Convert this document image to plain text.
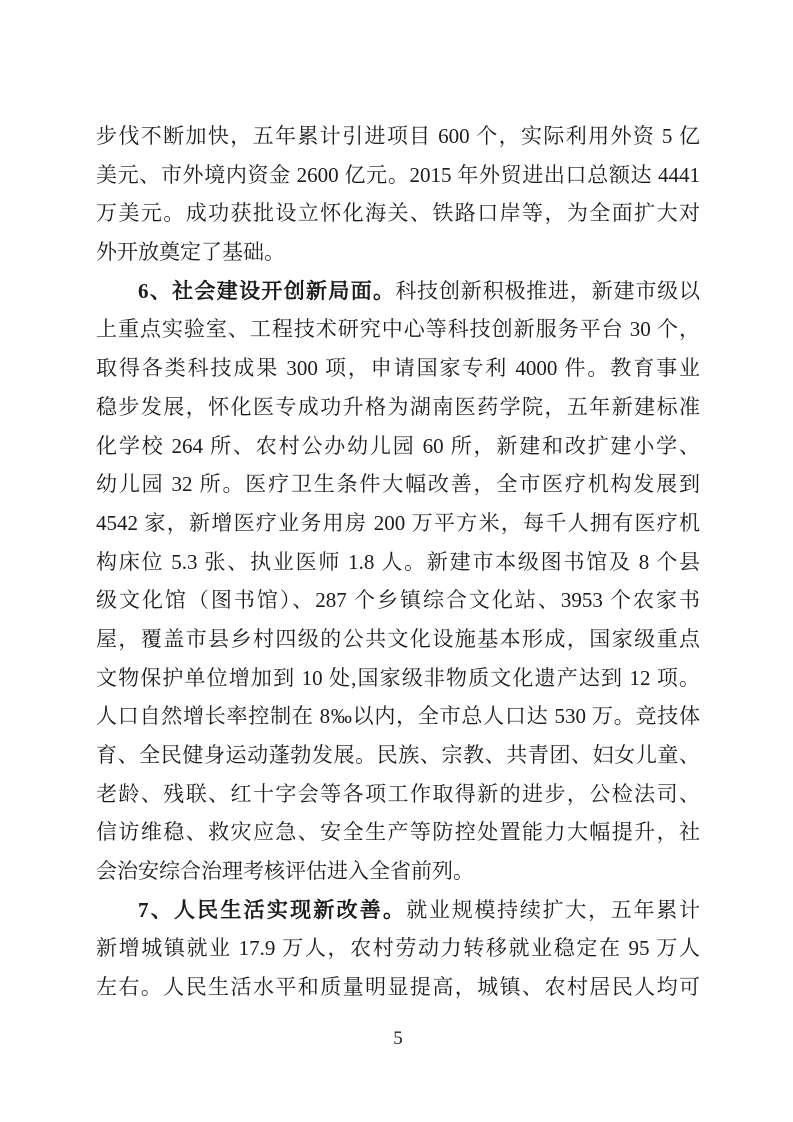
步伐不断加快，五年累计引进项目 600 个，实际利用外资 5 亿
美元、市外境内资金 2600 亿元。2015 年外贸进出口总额达 4441
万美元。成功获批设立怀化海关、铁路口岸等，为全面扩大对
外开放奠定了基础。
6、社会建设开创新局面。科技创新积极推进，新建市级以
上重点实验室、工程技术研究中心等科技创新服务平台 30 个，
取得各类科技成果 300 项，申请国家专利 4000 件。教育事业
稳步发展，怀化医专成功升格为湖南医药学院，五年新建标准
化学校 264 所、农村公办幼儿园 60 所，新建和改扩建小学、
幼儿园 32 所。医疗卫生条件大幅改善，全市医疗机构发展到
4542 家，新增医疗业务用房 200 万平方米，每千人拥有医疗机
构床位 5.3 张、执业医师 1.8 人。新建市本级图书馆及 8 个县
级文化馆（图书馆）、287 个乡镇综合文化站、3953 个农家书
屋，覆盖市县乡村四级的公共文化设施基本形成，国家级重点
文物保护单位增加到 10 处,国家级非物质文化遗产达到 12 项。
人口自然增长率控制在 8‰以内，全市总人口达 530 万。竞技体
育、全民健身运动蓬勃发展。民族、宗教、共青团、妇女儿童、
老龄、残联、红十字会等各项工作取得新的进步，公检法司、
信访维稳、救灾应急、安全生产等防控处置能力大幅提升，社
会治安综合治理考核评估进入全省前列。
7、人民生活实现新改善。就业规模持续扩大，五年累计
新增城镇就业 17.9 万人，农村劳动力转移就业稳定在 95 万人
左右。人民生活水平和质量明显提高，城镇、农村居民人均可
5
